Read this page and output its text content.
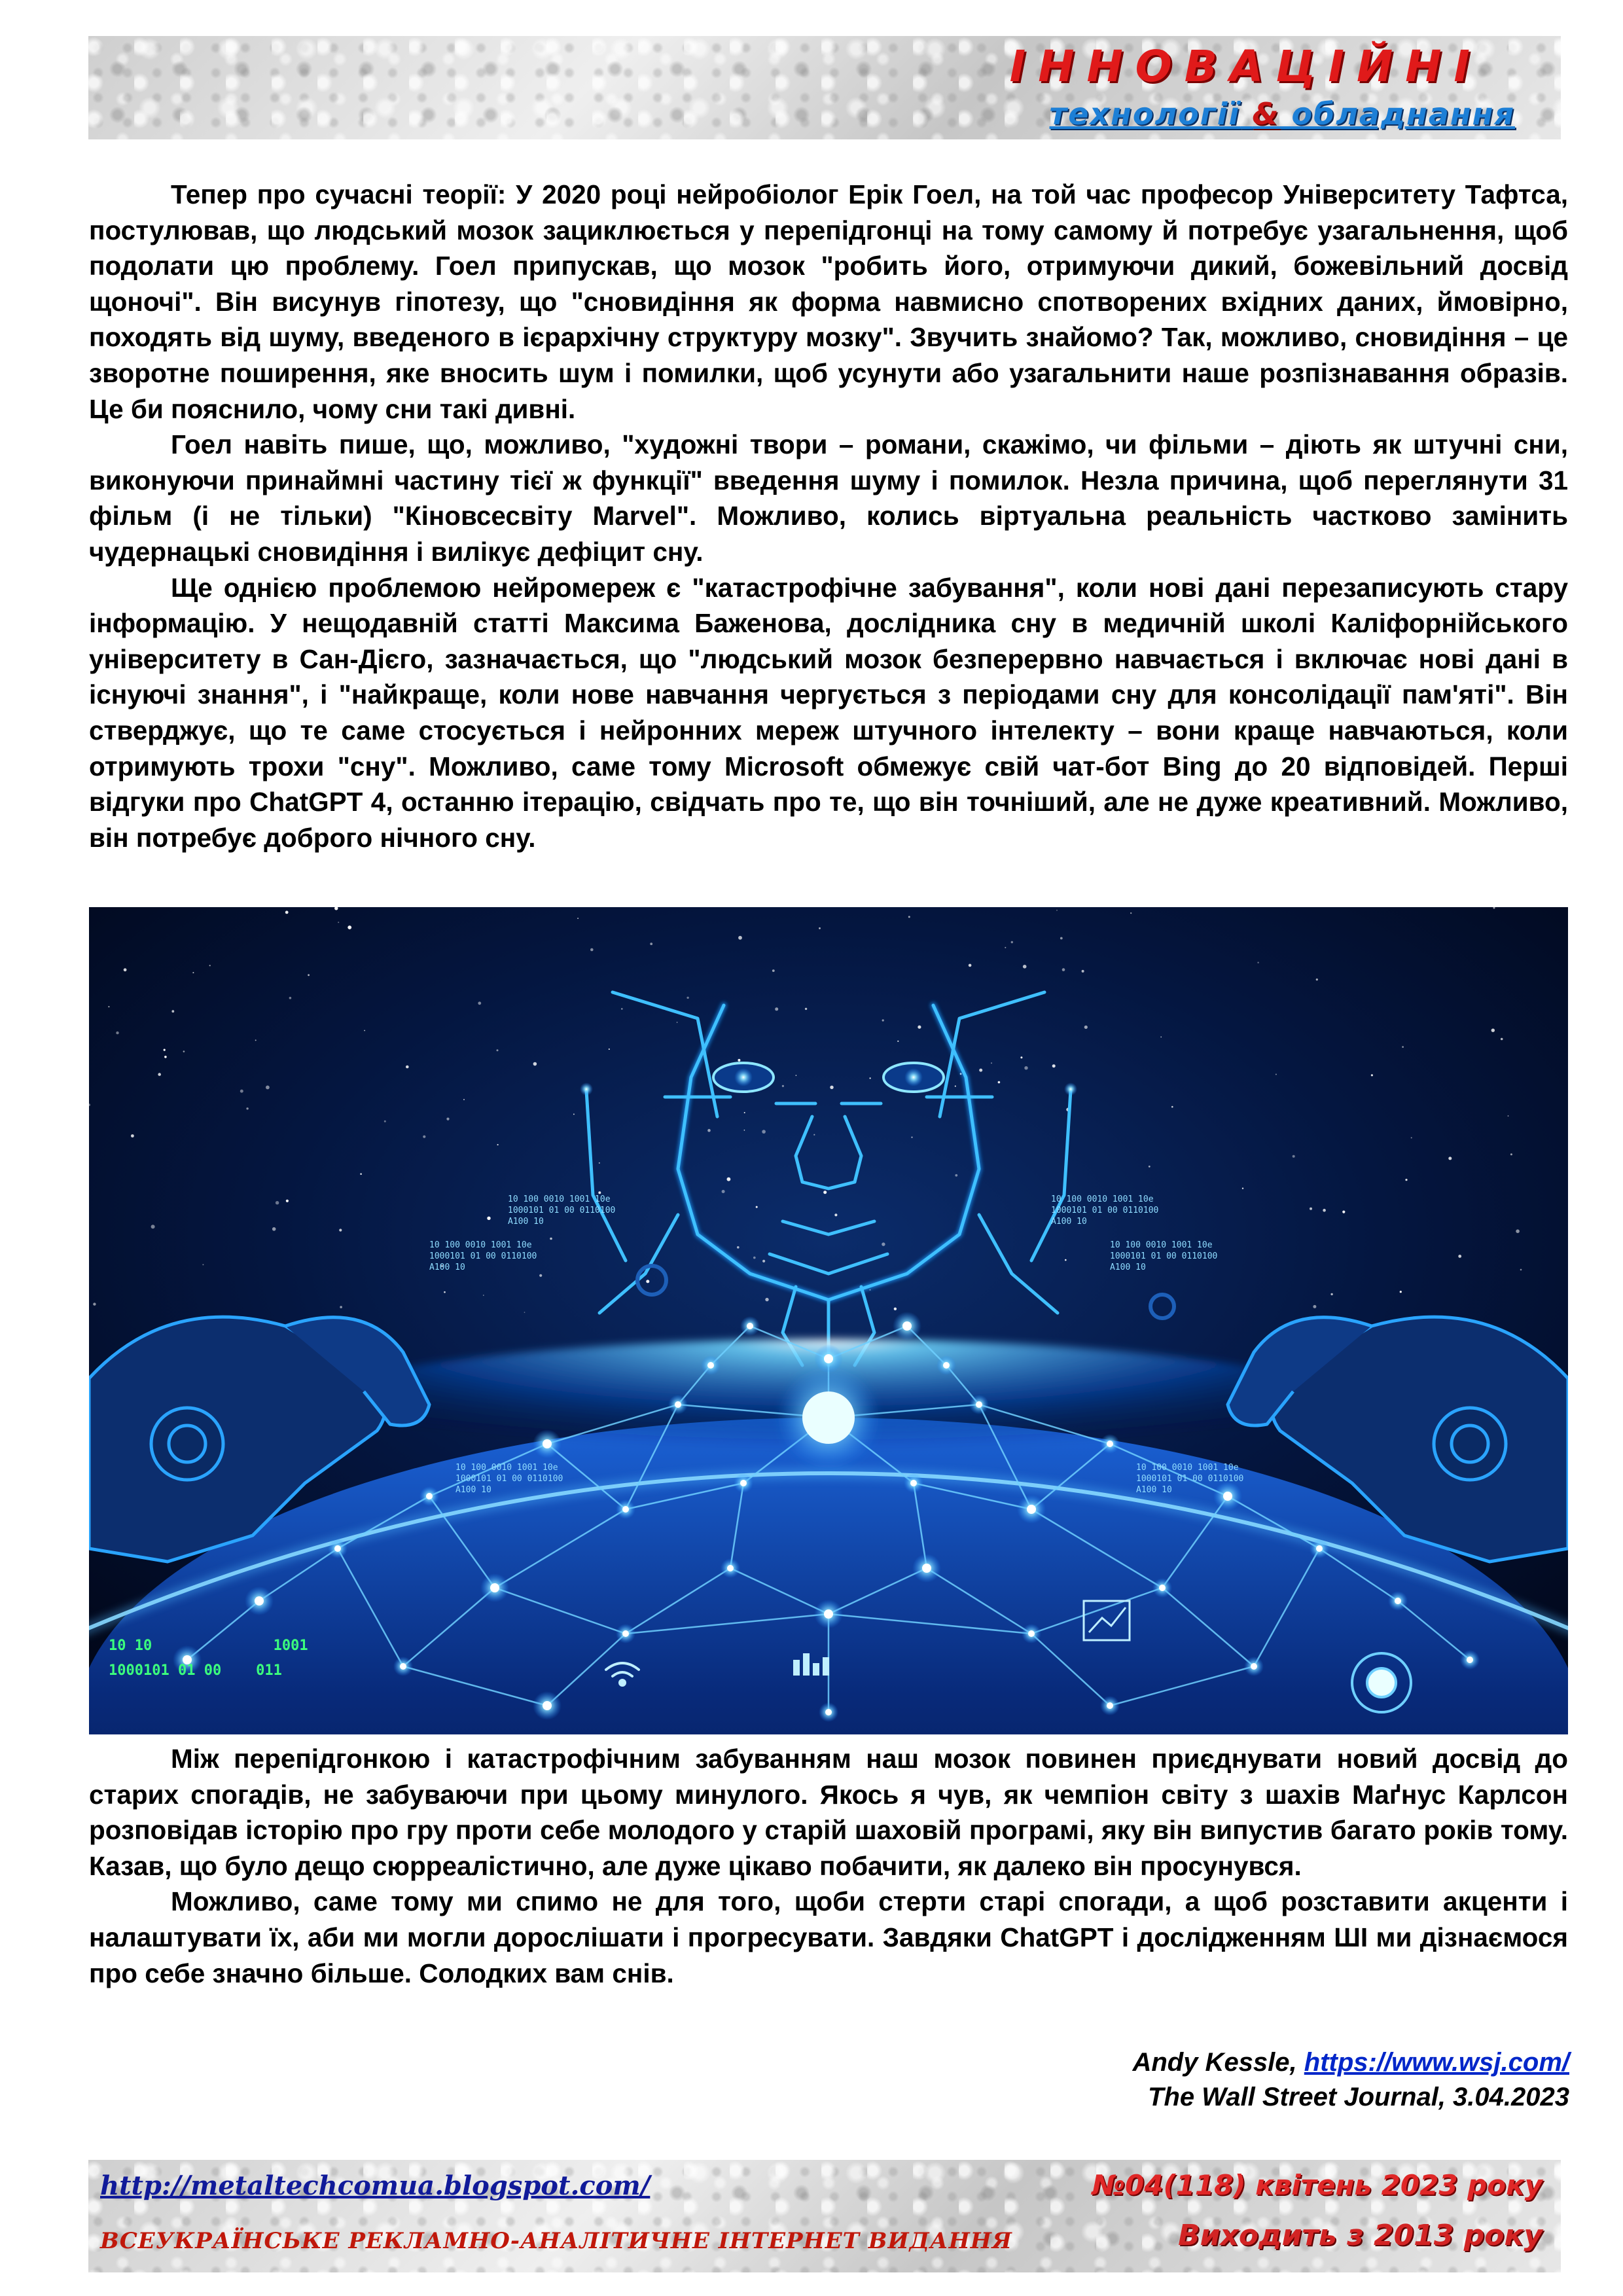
ІННОВАЦІЙНІ
технології & обладнання

Тепер про сучасні теорії: У 2020 році нейробіолог Ерік Гоел, на той час професор Університету Тафтса, постулював, що людський мозок зациклюється у перепідгонці на тому самому й потребує узагальнення, щоб подолати цю проблему. Гоел припускав, що мозок "робить його, отримуючи дикий, божевільний досвід щоночі". Він висунув гіпотезу, що "сновидіння як форма навмисно спотворених вхідних даних, ймовірно, походять від шуму, введеного в ієрархічну структуру мозку". Звучить знайомо? Так, можливо, сновидіння – це зворотне поширення, яке вносить шум і помилки, щоб усунути або узагальнити наше розпізнавання образів. Це би пояснило, чому сни такі дивні.

Гоел навіть пише, що, можливо, "художні твори – романи, скажімо, чи фільми – діють як штучні сни, виконуючи принаймні частину тієї ж функції" введення шуму і помилок. Незла причина, щоб переглянути 31 фільм (і не тільки) "Кіновсесвіту Marvel". Можливо, колись віртуальна реальність частково замінить чудернацькі сновидіння і вилікує дефіцит сну.

Ще однією проблемою нейромереж є "катастрофічне забування", коли нові дані перезаписують стару інформацію. У нещодавній статті Максима Баженова, дослідника сну в медичній школі Каліфорнійського університету в Сан-Дієго, зазначається, що "людський мозок безперервно навчається і включає нові дані в існуючі знання", і "найкраще, коли нове навчання чергується з періодами сну для консолідації пам'яті". Він стверджує, що те саме стосується і нейронних мереж штучного інтелекту – вони краще навчаються, коли отримують трохи "сну". Можливо, саме тому Microsoft обмежує свій чат-бот Bing до 20 відповідей. Перші відгуки про ChatGPT 4, останню ітерацію, свідчать про те, що він точніший, але не дуже креативний. Можливо, він потребує доброго нічного сну.

10 100 0010 1001 10e
1000101 01 00 0110100
A100 10
10 100 0010 1001 10e
1000101 01 00 0110100
A100 10
10 100 0010 1001 10e
1000101 01 00 0110100
A100 10
10 100 0010 1001 10e
1000101 01 00 0110100
A100 10
10 100 0010 1001 10e
1000101 01 00 0110100
A100 10
10 100 0010 1001 10e
1000101 01 00 0110100
A100 10
10 10              1001
1000101 01 00    011

Між перепідгонкою і катастрофічним забуванням наш мозок повинен приєднувати новий досвід до старих спогадів, не забуваючи при цьому минулого. Якось я чув, як чемпіон світу з шахів Маґнус Карлсон розповідав історію про гру проти себе молодого у старій шаховій програмі, яку він випустив багато років тому. Казав, що було дещо сюрреалістично, але дуже цікаво побачити, як далеко він просунувся.

Можливо, саме тому ми спимо не для того, щоби стерти старі спогади, а щоб розставити акценти і налаштувати їх, аби ми могли дорослішати і прогресувати. Завдяки ChatGPT і дослідженням ШІ ми дізнаємося про себе значно більше. Солодких вам снів.

Andy Kessle, https://www.wsj.com/
The Wall Street Journal, 3.04.2023
http://metaltechcomua.blogspot.com/
ВСЕУКРАЇНСЬКЕ РЕКЛАМНО-АНАЛІТИЧНЕ ІНТЕРНЕТ ВИДАННЯ
№04(118) квітень 2023 року
Виходить з 2013 року
